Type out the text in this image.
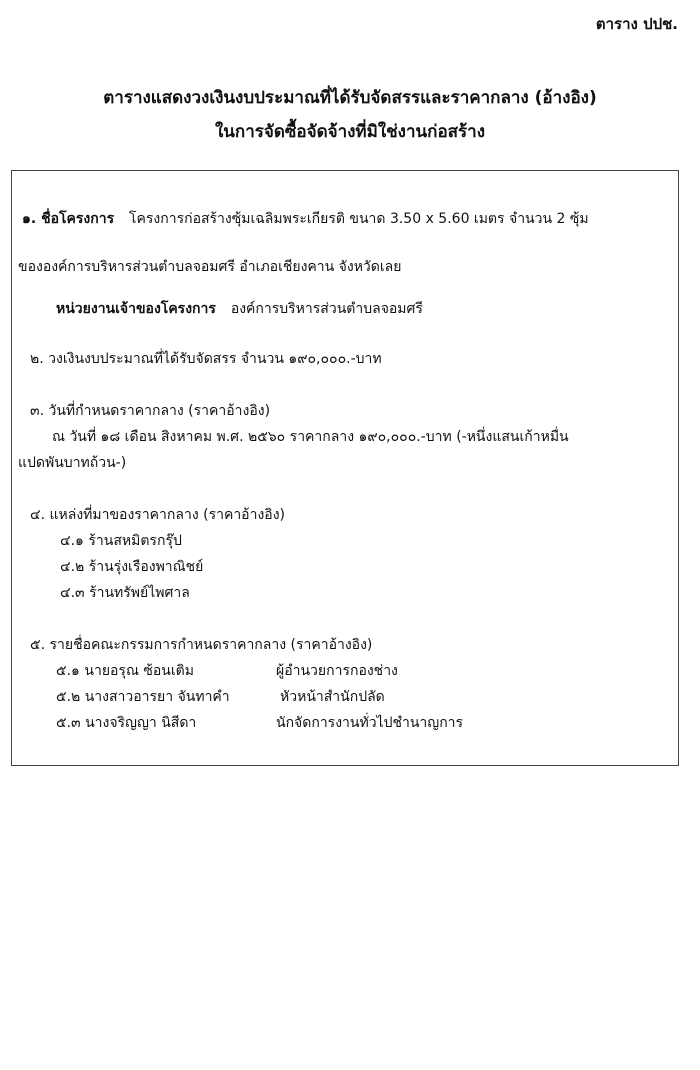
ตาราง ปปช.
ตารางแสดงวงเงินงบประมาณที่ได้รับจัดสรรและราคากลาง (อ้างอิง)
ในการจัดซื้อจัดจ้างที่มิใช่งานก่อสร้าง
๑. ชื่อโครงการ โครงการก่อสร้างซุ้มเฉลิมพระเกียรติ ขนาด 3.50 x 5.60 เมตร จำนวน 2 ซุ้ม
ขององค์การบริหารส่วนตำบลจอมศรี อำเภอเชียงคาน จังหวัดเลย
หน่วยงานเจ้าของโครงการ องค์การบริหารส่วนตำบลจอมศรี
๒. วงเงินงบประมาณที่ได้รับจัดสรร จำนวน ๑๙๐,๐๐๐.-บาท
๓. วันที่กำหนดราคากลาง (ราคาอ้างอิง)
ณ วันที่ ๑๘ เดือน สิงหาคม พ.ศ. ๒๕๖๐ ราคากลาง ๑๙๐,๐๐๐.-บาท (-หนึ่งแสนเก้าหมื่น
แปดพันบาทถ้วน-)
๔. แหล่งที่มาของราคากลาง (ราคาอ้างอิง)
๔.๑ ร้านสหมิตรกรุ๊ป
๔.๒ ร้านรุ่งเรืองพาณิชย์
๔.๓ ร้านทรัพย์ไพศาล
๕. รายชื่อคณะกรรมการกำหนดราคากลาง (ราคาอ้างอิง)
๕.๑ นายอรุณ ซ้อนเติม	ผู้อำนวยการกองช่าง
๕.๒ นางสาวอารยา จันทาคำ	หัวหน้าสำนักปลัด
๕.๓ นางจริญญา นิสีดา	นักจัดการงานทั่วไปชำนาญการ
